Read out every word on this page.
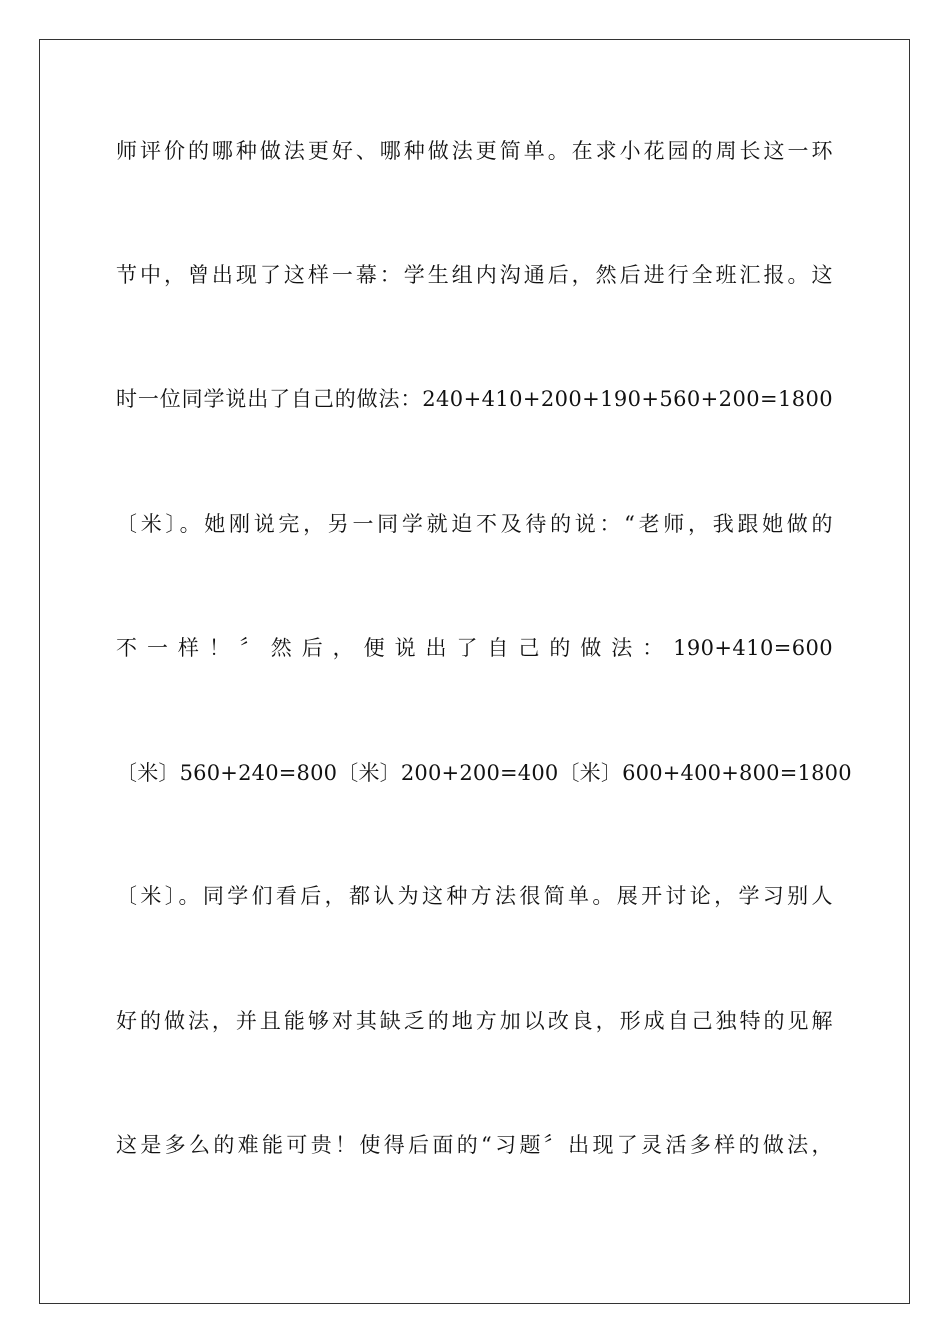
师评价的哪种做法更好、哪种做法更简单。在求小花园的周长这一环
节中，曾出现了这样一幕：学生组内沟通后，然后进行全班汇报。这
时一位同学说出了自己的做法：240+410+200+190+560+200=1800
〔米〕。她刚说完，另一同学就迫不及待的说：“老师，我跟她做的
不一样！〞然后，便说出了自己的做法：190+410=600
〔米〕560+240=800〔米〕200+200=400〔米〕600+400+800=1800
〔米〕。同学们看后，都认为这种方法很简单。展开讨论，学习别人
好的做法，并且能够对其缺乏的地方加以改良，形成自己独特的见解
这是多么的难能可贵！使得后面的“习题〞出现了灵活多样的做法，
